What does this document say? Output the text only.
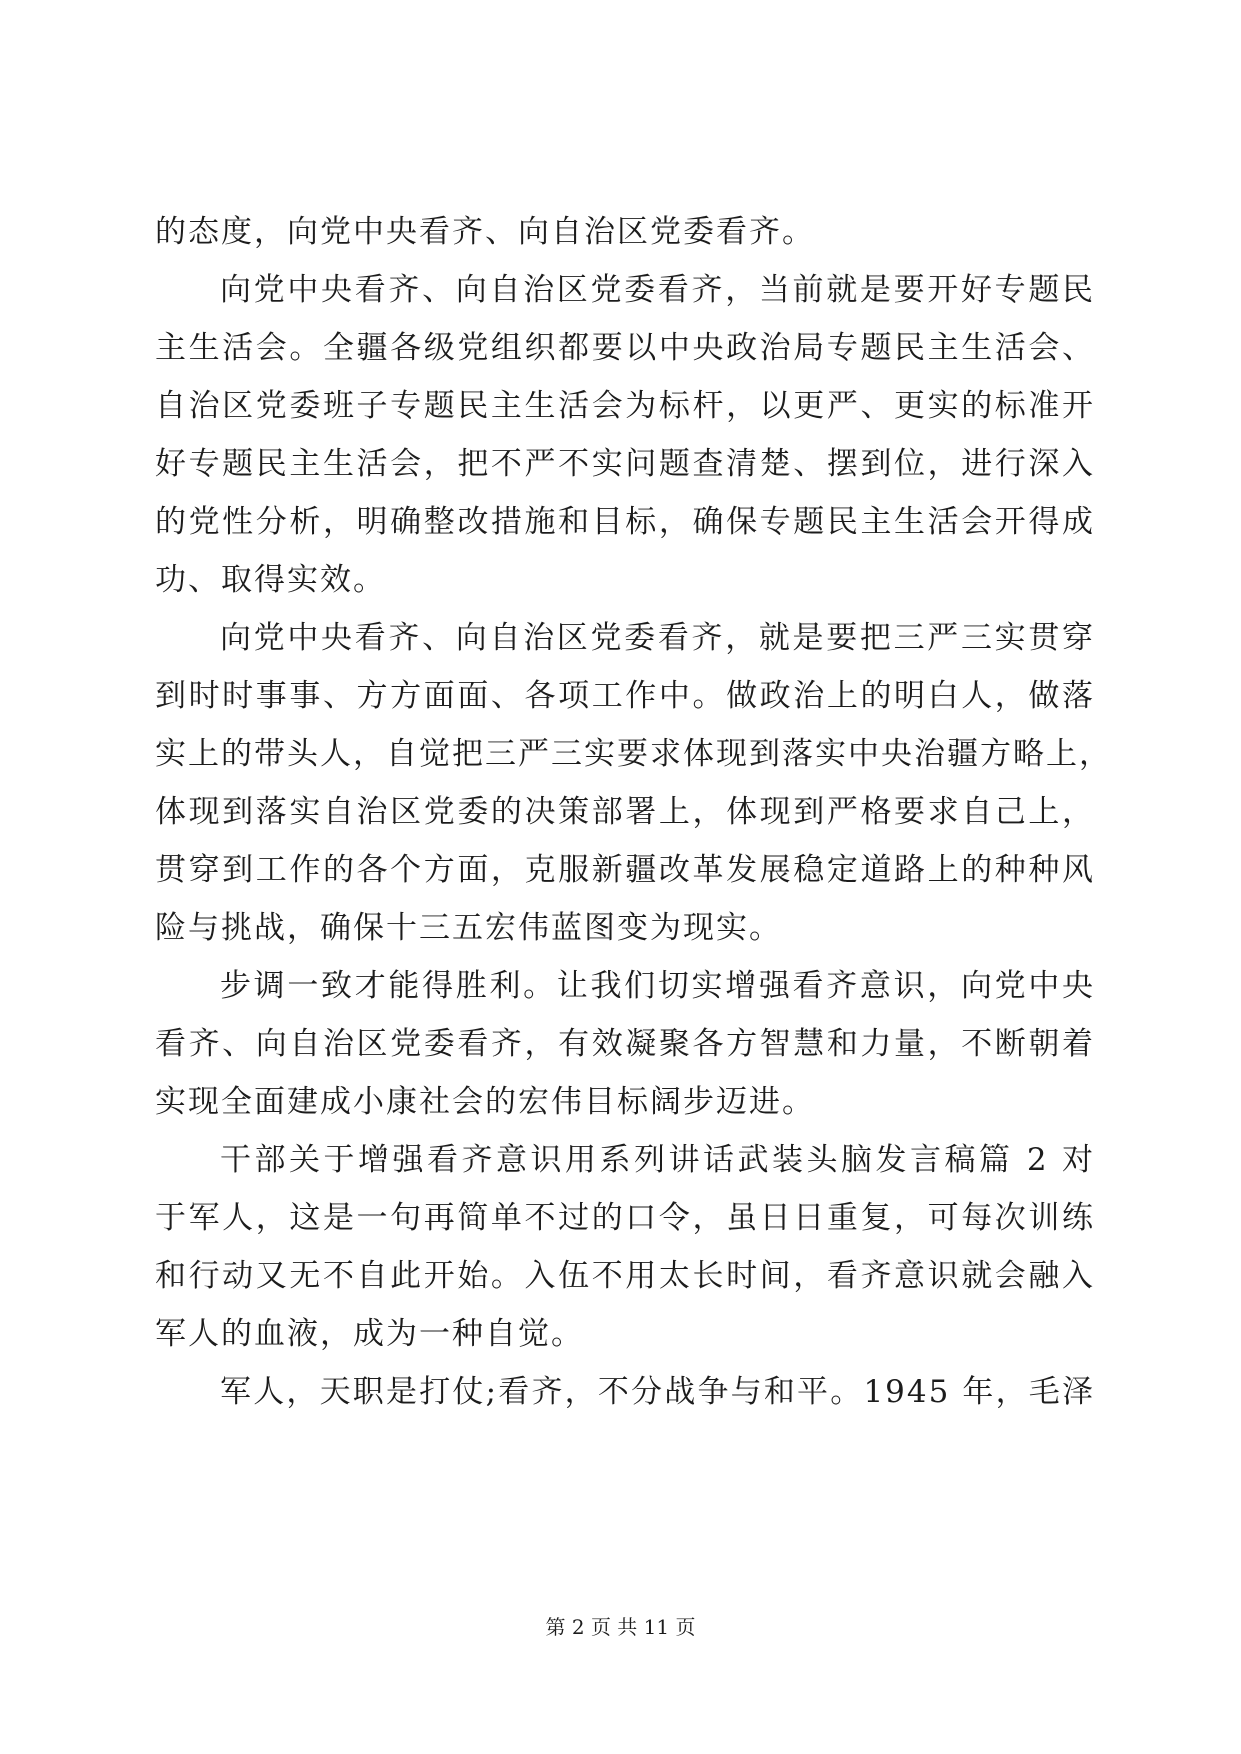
的态度，向党中央看齐、向自治区党委看齐。
向党中央看齐、向自治区党委看齐，当前就是要开好专题民
主生活会。全疆各级党组织都要以中央政治局专题民主生活会、
自治区党委班子专题民主生活会为标杆，以更严、更实的标准开
好专题民主生活会，把不严不实问题查清楚、摆到位，进行深入
的党性分析，明确整改措施和目标，确保专题民主生活会开得成
功、取得实效。
向党中央看齐、向自治区党委看齐，就是要把三严三实贯穿
到时时事事、方方面面、各项工作中。做政治上的明白人，做落
实上的带头人，自觉把三严三实要求体现到落实中央治疆方略上，
体现到落实自治区党委的决策部署上，体现到严格要求自己上，
贯穿到工作的各个方面，克服新疆改革发展稳定道路上的种种风
险与挑战，确保十三五宏伟蓝图变为现实。
步调一致才能得胜利。让我们切实增强看齐意识，向党中央
看齐、向自治区党委看齐，有效凝聚各方智慧和力量，不断朝着
实现全面建成小康社会的宏伟目标阔步迈进。
干部关于增强看齐意识用系列讲话武装头脑发言稿篇 2 对
于军人，这是一句再简单不过的口令，虽日日重复，可每次训练
和行动又无不自此开始。入伍不用太长时间，看齐意识就会融入
军人的血液，成为一种自觉。
军人，天职是打仗;看齐，不分战争与和平。1945 年，毛泽
第 2 页 共 11 页
